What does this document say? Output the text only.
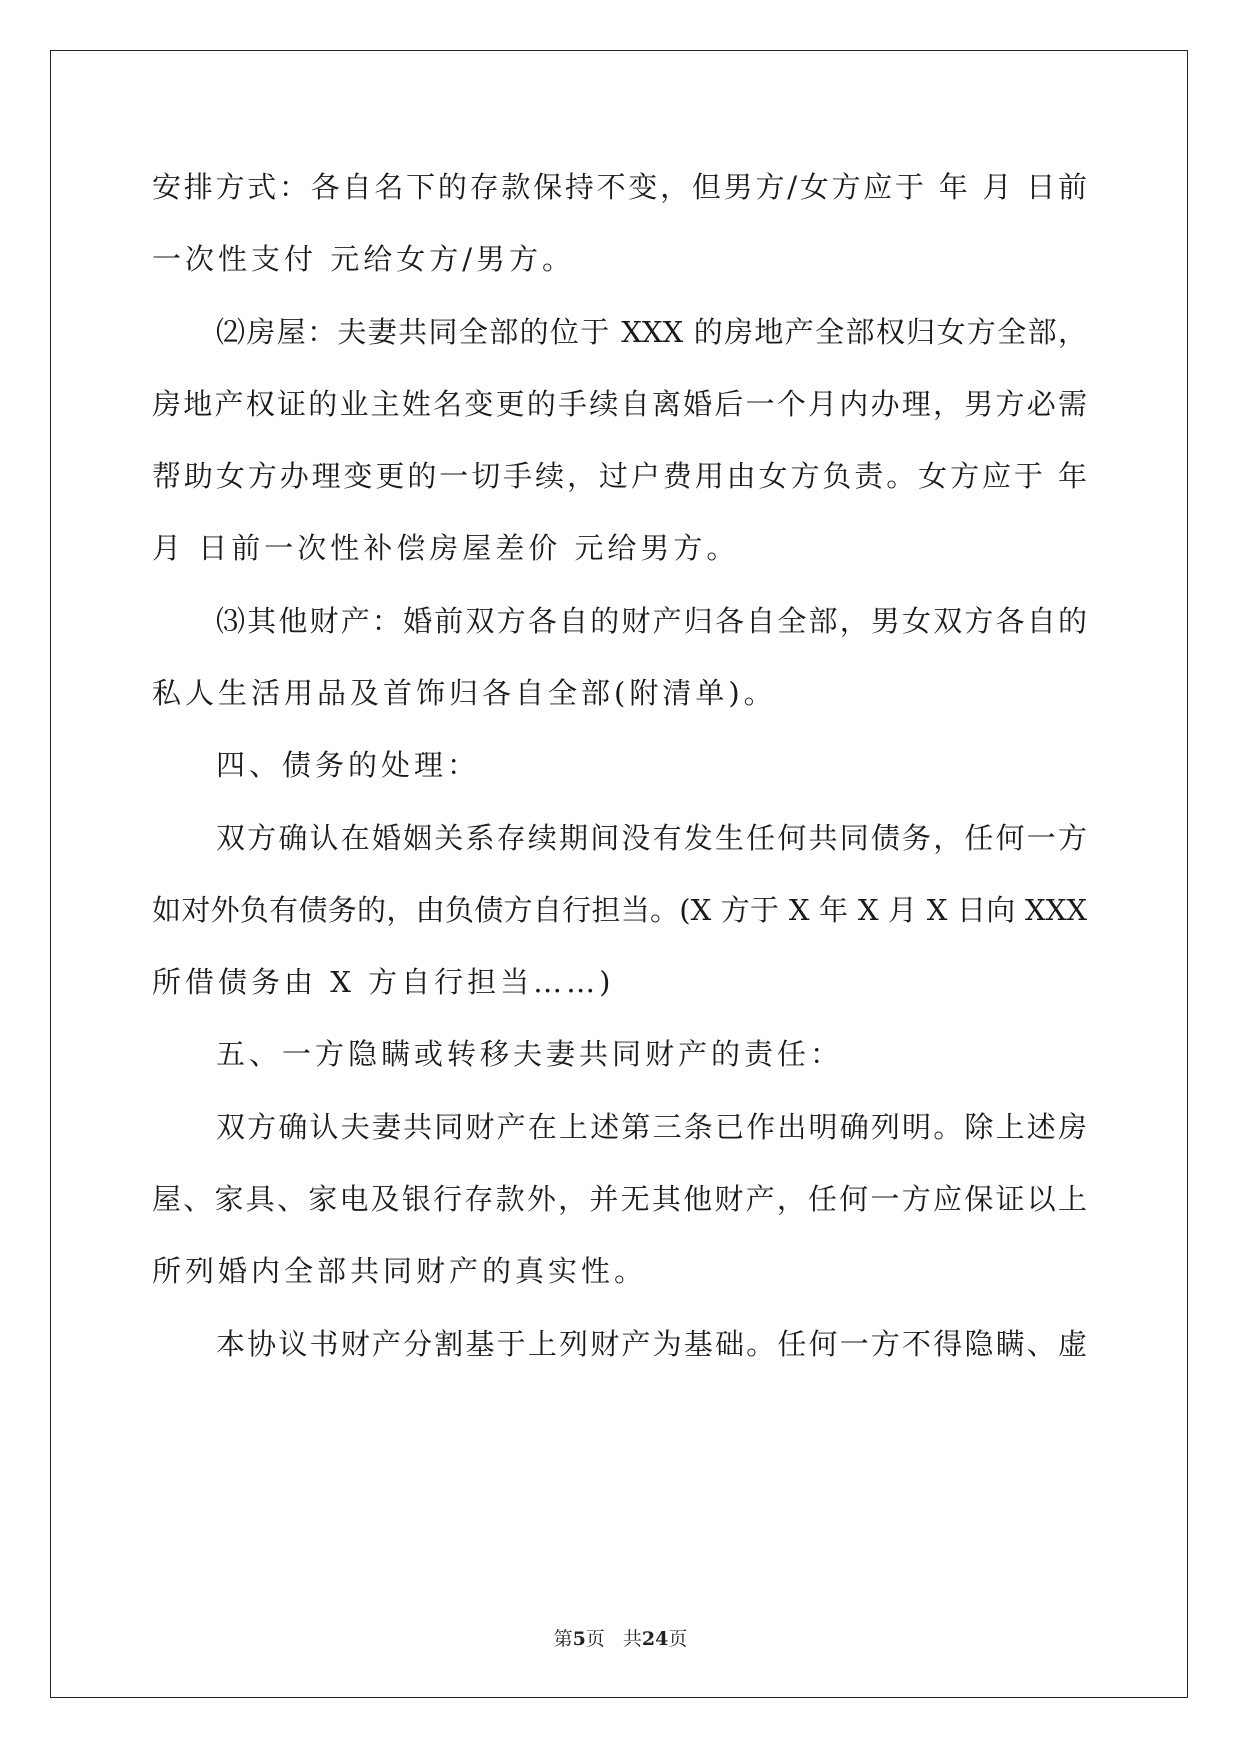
安排方式：各自名下的存款保持不变，但男方/女方应于 年 月 日前
一次性支付 元给女方/男方。
⑵房屋：夫妻共同全部的位于 XXX 的房地产全部权归女方全部，
房地产权证的业主姓名变更的手续自离婚后一个月内办理，男方必需
帮助女方办理变更的一切手续，过户费用由女方负责。女方应于 年
月 日前一次性补偿房屋差价 元给男方。
⑶其他财产：婚前双方各自的财产归各自全部，男女双方各自的
私人生活用品及首饰归各自全部(附清单)。
四、债务的处理：
双方确认在婚姻关系存续期间没有发生任何共同债务，任何一方
如对外负有债务的，由负债方自行担当。(X 方于 X 年 X 月 X 日向 XXX
所借债务由 X 方自行担当……)
五、一方隐瞒或转移夫妻共同财产的责任：
双方确认夫妻共同财产在上述第三条已作出明确列明。除上述房
屋、家具、家电及银行存款外，并无其他财产，任何一方应保证以上
所列婚内全部共同财产的真实性。
本协议书财产分割基于上列财产为基础。任何一方不得隐瞒、虚
第5页 共24页
